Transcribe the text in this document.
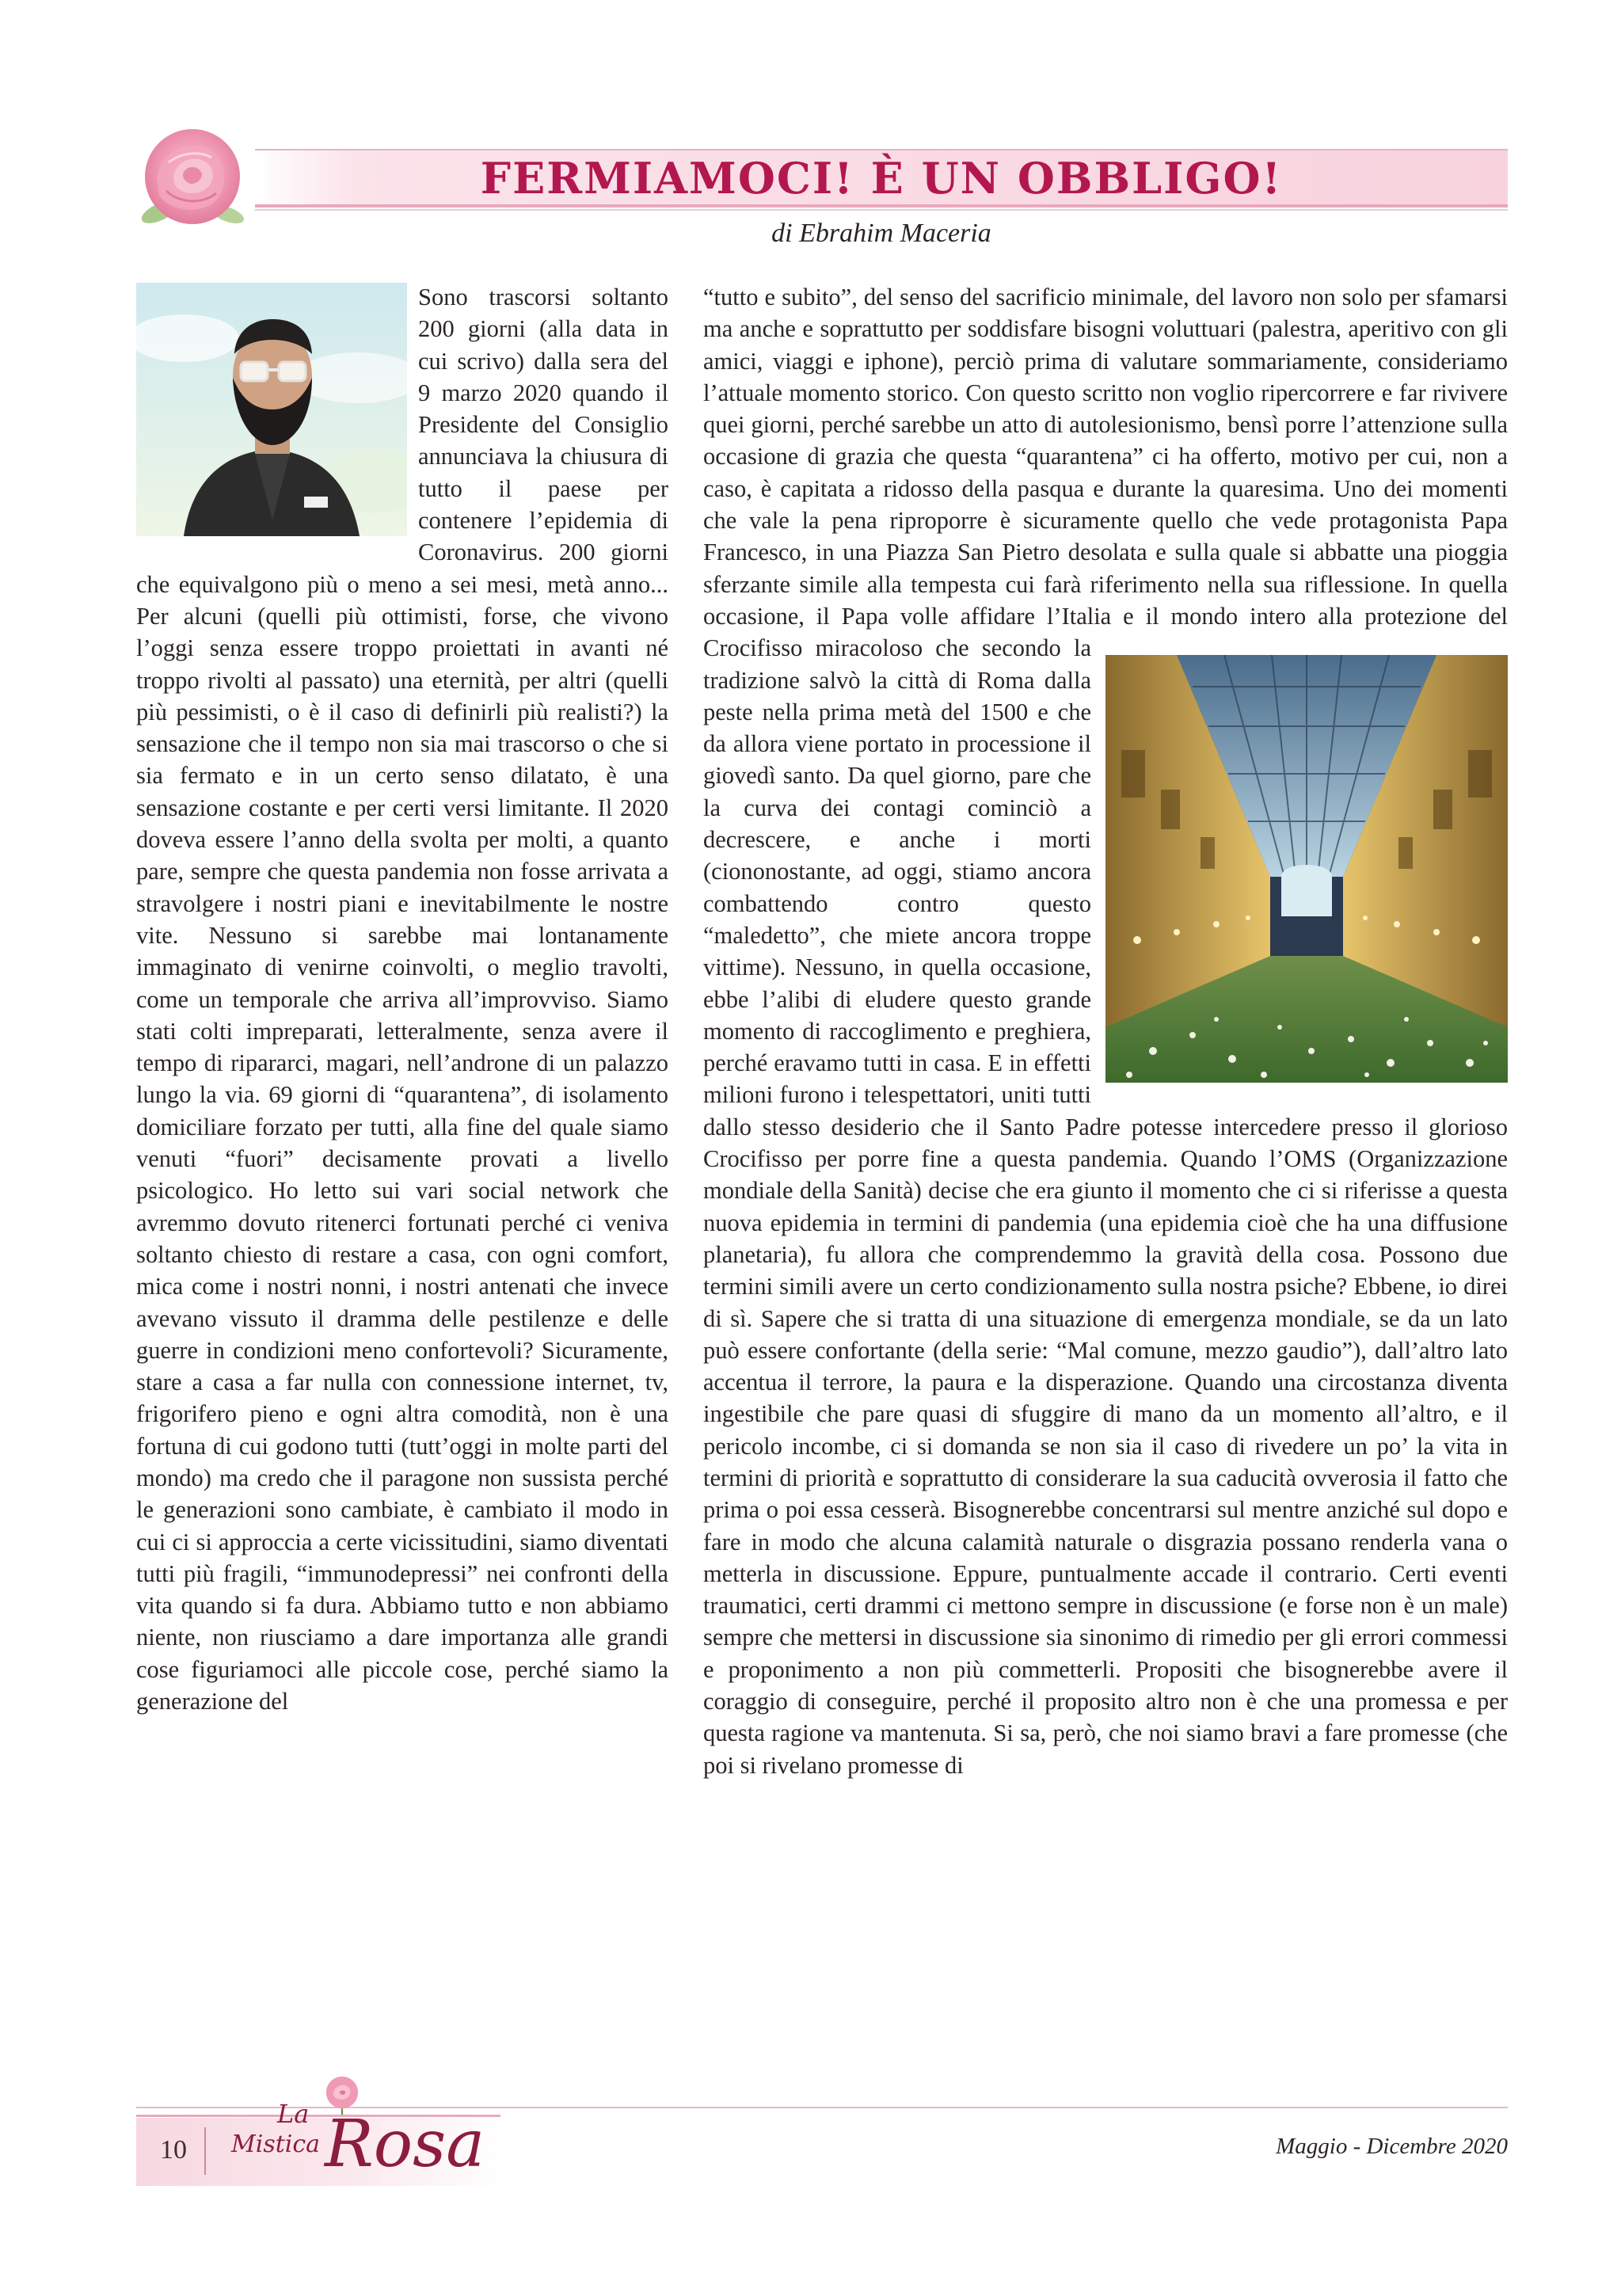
FERMIAMOCI! È UN OBBLIGO!

di Ebrahim Maceria

Sono trascorsi soltanto 200 giorni (alla data in cui scrivo) dalla sera del 9 marzo 2020 quando il Presidente del Consiglio annunciava la chiusura di tutto il paese per contenere l’epidemia di Coronavirus. 200 giorni che equivalgono più o meno a sei mesi, metà anno... Per alcuni (quelli più ottimisti, forse, che vivono l’oggi senza essere troppo proiettati in avanti né troppo rivolti al passato) una eternità, per altri (quelli più pessimisti, o è il caso di definirli più realisti?) la sensazione che il tempo non sia mai trascorso o che si sia fermato e in un certo senso dilatato, è una sensazione costante e per certi versi limitante. Il 2020 doveva essere l’anno della svolta per molti, a quanto pare, sempre che questa pandemia non fosse arrivata a stravolgere i nostri piani e inevitabilmente le nostre vite. Nessuno si sarebbe mai lontanamente immaginato di venirne coinvolti, o meglio travolti, come un temporale che arriva all’improvviso. Siamo stati colti impreparati, letteralmente, senza avere il tempo di ripararci, magari, nell’androne di un palazzo lungo la via. 69 giorni di “quarantena”, di isolamento domiciliare forzato per tutti, alla fine del quale siamo venuti “fuori” decisamente provati a livello psicologico. Ho letto sui vari social network che avremmo dovuto ritenerci fortunati perché ci veniva soltanto chiesto di restare a casa, con ogni comfort, mica come i nostri nonni, i nostri antenati che invece avevano vissuto il dramma delle pestilenze e delle guerre in condizioni meno confortevoli? Sicuramente, stare a casa a far nulla con connessione internet, tv, frigorifero pieno e ogni altra comodità, non è una fortuna di cui godono tutti (tutt’oggi in molte parti del mondo) ma credo che il paragone non sussista perché le generazioni sono cambiate, è cambiato il modo in cui ci si approccia a certe vicissitudini, siamo diventati tutti più fragili, “immunodepressi” nei confronti della vita quando si fa dura. Abbiamo tutto e non abbiamo niente, non riusciamo a dare importanza alle grandi cose figuriamoci alle piccole cose, perché siamo la generazione del

“tutto e subito”, del senso del sacrificio minimale, del lavoro non solo per sfamarsi ma anche e soprattutto per soddisfare bisogni voluttuari (palestra, aperitivo con gli amici, viaggi e iphone), perciò prima di valutare sommariamente, consideriamo l’attuale momento storico. Con questo scritto non voglio ripercorrere e far rivivere quei giorni, perché sarebbe un atto di autolesionismo, bensì porre l’attenzione sulla occasione di grazia che questa “quarantena” ci ha offerto, motivo per cui, non a caso, è capitata a ridosso della pasqua e durante la quaresima. Uno dei momenti che vale la pena riproporre è sicuramente quello che vede protagonista Papa Francesco, in una Piazza San Pietro desolata e sulla quale si abbatte una pioggia sferzante simile alla tempesta cui farà riferimento nella sua riflessione. In quella occasione, il Papa volle affidare l’Italia e il mondo intero alla protezione del Crocifisso miracoloso che secondo la tradizione salvò la città di Roma dalla peste nella prima metà del 1500 e che da allora viene portato in processione il giovedì santo. Da quel giorno, pare che la curva dei contagi cominciò a decrescere, e anche i morti (ciononostante, ad oggi, stiamo ancora combattendo contro questo “maledetto”, che miete ancora troppe vittime). Nessuno, in quella occasione, ebbe l’alibi di eludere questo grande momento di raccoglimento e preghiera, perché eravamo tutti in casa. E in effetti milioni furono i telespettatori, uniti tutti dallo stesso desiderio che il Santo Padre potesse intercedere presso il glorioso Crocifisso per porre fine a questa pandemia. Quando l’OMS (Organizzazione mondiale della Sanità) decise che era giunto il momento che ci si riferisse a questa nuova epidemia in termini di pandemia (una epidemia cioè che ha una diffusione planetaria), fu allora che comprendemmo la gravità della cosa. Possono due termini simili avere un certo condizionamento sulla nostra psiche? Ebbene, io direi di sì. Sapere che si tratta di una situazione di emergenza mondiale, se da un lato può essere confortante (della serie: “Mal comune, mezzo gaudio”), dall’altro lato accentua il terrore, la paura e la disperazione. Quando una circostanza diventa ingestibile che pare quasi di sfuggire di mano da un momento all’altro, e il pericolo incombe, ci si domanda se non sia il caso di rivedere un po’ la vita in termini di priorità e soprattutto di considerare la sua caducità ovverosia il fatto che prima o poi essa cesserà. Bisognerebbe concentrarsi sul mentre anziché sul dopo e fare in modo che alcuna calamità naturale o disgrazia possano renderla vana o metterla in discussione. Eppure, puntualmente accade il contrario. Certi eventi traumatici, certi drammi ci mettono sempre in discussione (e forse non è un male) sempre che mettersi in discussione sia sinonimo di rimedio per gli errori commessi e proponimento a non più commetterli. Propositi che bisognerebbe avere il coraggio di conseguire, perché il proposito altro non è che una promessa e per questa ragione va mantenuta. Si sa, però, che noi siamo bravi a fare promesse (che poi si rivelano promesse di

10

La

Mistica Rosa	Maggio - Dicembre 2020
